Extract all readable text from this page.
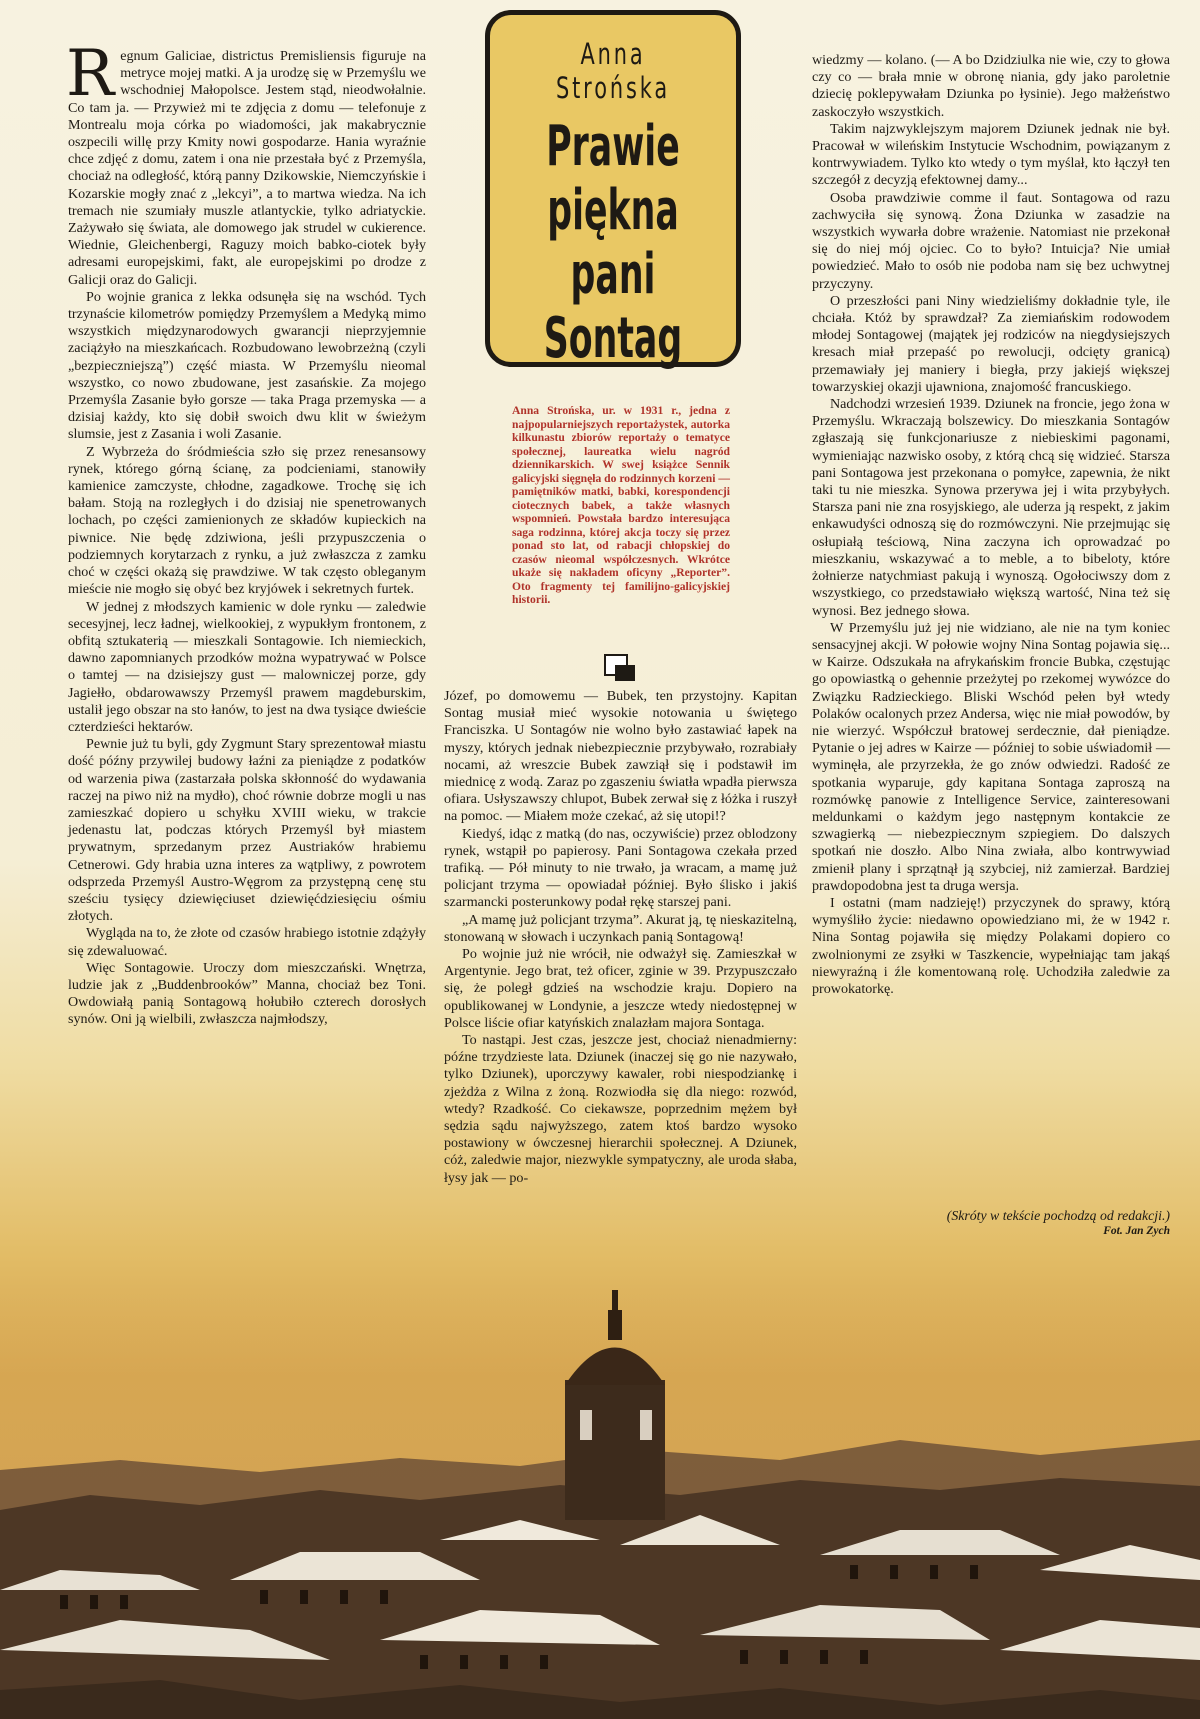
Regnum Galiciae, districtus Premisliensis figuruje na metryce mojej matki. A ja urodzę się w Przemyślu we wschodniej Małopolsce. Jestem stąd, nieodwołalnie. Co tam ja. — Przywież mi te zdjęcia z domu — telefonuje z Montrealu moja córka po wiadomości, jak makabrycznie oszpecili willę przy Kmity nowi gospodarze. Hania wyraźnie chce zdjęć z domu, zatem i ona nie przestała być z Przemyśla, chociaż na odległość, którą panny Dzikowskie, Niemczyńskie i Kozarskie mogły znać z „lekcyi”, a to martwa wiedza. Na ich tremach nie szumiały muszle atlantyckie, tylko adriatyckie. Zażywało się świata, ale domowego jak strudel w cukierence. Wiednie, Gleichenbergi, Raguzy moich babko-ciotek były adresami europejskimi, fakt, ale europejskimi po drodze z Galicji oraz do Galicji.

Po wojnie granica z lekka odsunęła się na wschód. Tych trzynaście kilometrów pomiędzy Przemyślem a Medyką mimo wszystkich międzynarodowych gwarancji nieprzyjemnie zaciążyło na mieszkańcach. Rozbudowano lewobrzeżną (czyli „bezpieczniejszą”) część miasta. W Przemyślu nieomal wszystko, co nowo zbudowane, jest zasańskie. Za mojego Przemyśla Zasanie było gorsze — taka Praga przemyska — a dzisiaj każdy, kto się dobił swoich dwu klit w świeżym slumsie, jest z Zasania i woli Zasanie.

Z Wybrzeża do śródmieścia szło się przez renesansowy rynek, którego górną ścianę, za podcieniami, stanowiły kamienice zamczyste, chłodne, zagadkowe. Trochę się ich bałam. Stoją na rozległych i do dzisiaj nie spenetrowanych lochach, po części zamienionych ze składów kupieckich na piwnice. Nie będę zdziwiona, jeśli przypuszczenia o podziemnych korytarzach z rynku, a już zwłaszcza z zamku choć w części okażą się prawdziwe. W tak często obleganym mieście nie mogło się obyć bez kryjówek i sekretnych furtek.

W jednej z młodszych kamienic w dole rynku — zaledwie secesyjnej, lecz ładnej, wielkookiej, z wypukłym frontonem, z obfitą sztukaterią — mieszkali Sontagowie. Ich niemieckich, dawno zapomnianych przodków można wypatrywać w Polsce o tamtej — na dzisiejszy gust — malowniczej porze, gdy Jagiełło, obdarowawszy Przemyśl prawem magdeburskim, ustalił jego obszar na sto łanów, to jest na dwa tysiące dwieście czterdzieści hektarów.

Pewnie już tu byli, gdy Zygmunt Stary sprezentował miastu dość późny przywilej budowy łaźni za pieniądze z podatków od warzenia piwa (zastarzała polska skłonność do wydawania raczej na piwo niż na mydło), choć równie dobrze mogli u nas zamieszkać dopiero u schyłku XVIII wieku, w trakcie jedenastu lat, podczas których Przemyśl był miastem prywatnym, sprzedanym przez Austriaków hrabiemu Cetnerowi. Gdy hrabia uzna interes za wątpliwy, z powrotem odsprzeda Przemyśl Austro-Węgrom za przystępną cenę stu sześciu tysięcy dziewięciuset dziewięćdziesięciu ośmiu złotych.

Wygląda na to, że złote od czasów hrabiego istotnie zdążyły się zdewaluować.

Więc Sontagowie. Uroczy dom mieszczański. Wnętrza, ludzie jak z „Buddenbrooków” Manna, chociaż bez Toni. Owdowiałą panią Sontagową hołubiło czterech dorosłych synów. Oni ją wielbili, zwłaszcza najmłodszy,

Anna
Strońska
Prawie
piękna
pani
Sontag
Anna Strońska, ur. w 1931 r., jedna z najpopularniejszych reportażystek, autorka kilkunastu zbiorów reportaży o tematyce społecznej, laureatka wielu nagród dziennikarskich. W swej książce Sennik galicyjski sięgnęła do rodzinnych korzeni — pamiętników matki, babki, korespondencji ciotecznych babek, a także własnych wspomnień. Powstała bardzo interesująca saga rodzinna, której akcja toczy się przez ponad sto lat, od rabacji chłopskiej do czasów nieomal współczesnych. Wkrótce ukaże się nakładem oficyny „Reporter”. Oto fragmenty tej familijno-galicyjskiej historii.

Józef, po domowemu — Bubek, ten przystojny. Kapitan Sontag musiał mieć wysokie notowania u świętego Franciszka. U Sontagów nie wolno było zastawiać łapek na myszy, których jednak niebezpiecznie przybywało, rozrabiały nocami, aż wreszcie Bubek zawziął się i podstawił im miednicę z wodą. Zaraz po zgaszeniu światła wpadła pierwsza ofiara. Usłyszawszy chlupot, Bubek zerwał się z łóżka i ruszył na pomoc. — Miałem może czekać, aż się utopi!?

Kiedyś, idąc z matką (do nas, oczywiście) przez oblodzony rynek, wstąpił po papierosy. Pani Sontagowa czekała przed trafiką. — Pół minuty to nie trwało, ja wracam, a mamę już policjant trzyma — opowiadał później. Było ślisko i jakiś szarmancki posterunkowy podał rękę starszej pani.

„A mamę już policjant trzyma”. Akurat ją, tę nieskazitelną, stonowaną w słowach i uczynkach panią Sontagową!

Po wojnie już nie wrócił, nie odważył się. Zamieszkał w Argentynie. Jego brat, też oficer, zginie w 39. Przypuszczało się, że poległ gdzieś na wschodzie kraju. Dopiero na opublikowanej w Londynie, a jeszcze wtedy niedostępnej w Polsce liście ofiar katyńskich znalazłam majora Sontaga.

To nastąpi. Jest czas, jeszcze jest, chociaż nienadmierny: późne trzydzieste lata. Dziunek (inaczej się go nie nazywało, tylko Dziunek), uporczywy kawaler, robi niespodziankę i zjeżdża z Wilna z żoną. Rozwiodła się dla niego: rozwód, wtedy? Rzadkość. Co ciekawsze, poprzednim mężem był sędzia sądu najwyższego, zatem ktoś bardzo wysoko postawiony w ówczesnej hierarchii społecznej. A Dziunek, cóż, zaledwie major, niezwykle sympatyczny, ale uroda słaba, łysy jak — po-

wiedzmy — kolano. (— A bo Dzidziulka nie wie, czy to głowa czy co — brała mnie w obronę niania, gdy jako paroletnie dziecię poklepywałam Dziunka po łysinie). Jego małżeństwo zaskoczyło wszystkich.

Takim najzwyklejszym majorem Dziunek jednak nie był. Pracował w wileńskim Instytucie Wschodnim, powiązanym z kontrwywiadem. Tylko kto wtedy o tym myślał, kto łączył ten szczegół z decyzją efektownej damy...

Osoba prawdziwie comme il faut. Sontagowa od razu zachwyciła się synową. Żona Dziunka w zasadzie na wszystkich wywarła dobre wrażenie. Natomiast nie przekonał się do niej mój ojciec. Co to było? Intuicja? Nie umiał powiedzieć. Mało to osób nie podoba nam się bez uchwytnej przyczyny.

O przeszłości pani Niny wiedzieliśmy dokładnie tyle, ile chciała. Któż by sprawdzał? Za ziemiańskim rodowodem młodej Sontagowej (majątek jej rodziców na niegdysiejszych kresach miał przepaść po rewolucji, odcięty granicą) przemawiały jej maniery i biegła, przy jakiejś większej towarzyskiej okazji ujawniona, znajomość francuskiego.

Nadchodzi wrzesień 1939. Dziunek na froncie, jego żona w Przemyślu. Wkraczają bolszewicy. Do mieszkania Sontagów zgłaszają się funkcjonariusze z niebieskimi pagonami, wymieniając nazwisko osoby, z którą chcą się widzieć. Starsza pani Sontagowa jest przekonana o pomyłce, zapewnia, że nikt taki tu nie mieszka. Synowa przerywa jej i wita przybyłych. Starsza pani nie zna rosyjskiego, ale uderza ją respekt, z jakim enkawudyści odnoszą się do rozmówczyni. Nie przejmując się osłupiałą teściową, Nina zaczyna ich oprowadzać po mieszkaniu, wskazywać a to meble, a to bibeloty, które żołnierze natychmiast pakują i wynoszą. Ogołociwszy dom z wszystkiego, co przedstawiało większą wartość, Nina też się wynosi. Bez jednego słowa.

W Przemyślu już jej nie widziano, ale nie na tym koniec sensacyjnej akcji. W połowie wojny Nina Sontag pojawia się... w Kairze. Odszukała na afrykańskim froncie Bubka, częstując go opowiastką o gehennie przeżytej po rzekomej wywózce do Związku Radzieckiego. Bliski Wschód pełen był wtedy Polaków ocalonych przez Andersa, więc nie miał powodów, by nie wierzyć. Współczuł bratowej serdecznie, dał pieniądze. Pytanie o jej adres w Kairze — później to sobie uświadomił — wyminęła, ale przyrzekła, że go znów odwiedzi. Radość ze spotkania wyparuje, gdy kapitana Sontaga zaproszą na rozmówkę panowie z Intelligence Service, zainteresowani meldunkami o każdym jego następnym kontakcie ze szwagierką — niebezpiecznym szpiegiem. Do dalszych spotkań nie doszło. Albo Nina zwiała, albo kontrwywiad zmienił plany i sprzątnął ją szybciej, niż zamierzał. Bardziej prawdopodobna jest ta druga wersja.

I ostatni (mam nadzieję!) przyczynek do sprawy, którą wymyśliło życie: niedawno opowiedziano mi, że w 1942 r. Nina Sontag pojawiła się między Polakami dopiero co zwolnionymi ze zsyłki w Taszkencie, wypełniając tam jakąś niewyraźną i źle komentowaną rolę. Uchodziła zaledwie za prowokatorkę.

(Skróty w tekście pochodzą od redakcji.)
Fot. Jan Zych
